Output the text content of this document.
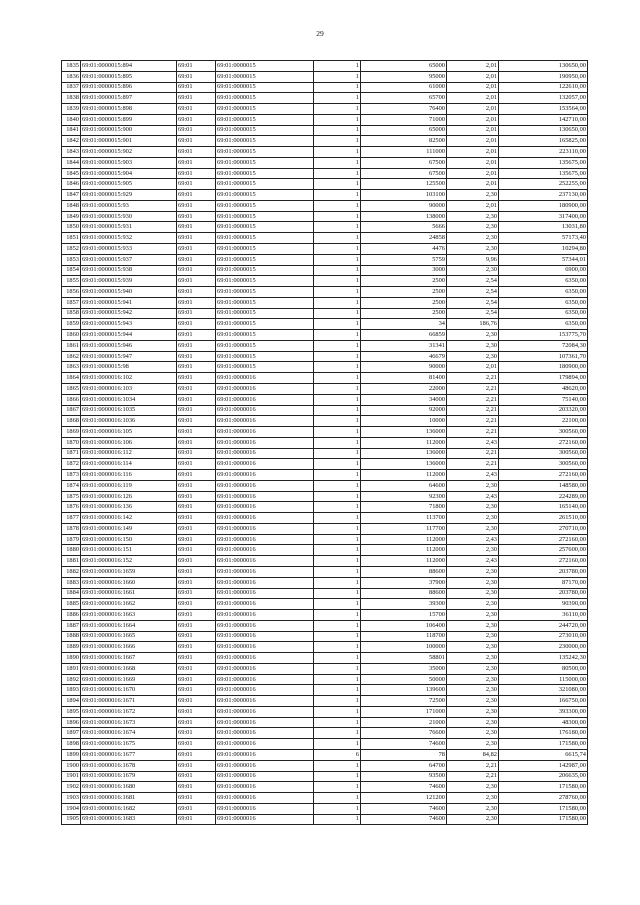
29
1835	69:01:0000015:894	69:01	69:01:0000015	1	65000	2,01	130650,00
1836	69:01:0000015:895	69:01	69:01:0000015	1	95000	2,01	190950,00
1837	69:01:0000015:896	69:01	69:01:0000015	1	61000	2,01	122610,00
1838	69:01:0000015:897	69:01	69:01:0000015	1	65700	2,01	132057,00
1839	69:01:0000015:898	69:01	69:01:0000015	1	76400	2,01	153564,00
1840	69:01:0000015:899	69:01	69:01:0000015	1	71000	2,01	142710,00
1841	69:01:0000015:900	69:01	69:01:0000015	1	65000	2,01	130650,00
1842	69:01:0000015:901	69:01	69:01:0000015	1	82500	2,01	165825,00
1843	69:01:0000015:902	69:01	69:01:0000015	1	111000	2,01	223110,00
1844	69:01:0000015:903	69:01	69:01:0000015	1	67500	2,01	135675,00
1845	69:01:0000015:904	69:01	69:01:0000015	1	67500	2,01	135675,00
1846	69:01:0000015:905	69:01	69:01:0000015	1	125500	2,01	252255,00
1847	69:01:0000015:929	69:01	69:01:0000015	1	103100	2,30	237130,00
1848	69:01:0000015:93	69:01	69:01:0000015	1	90000	2,01	180900,00
1849	69:01:0000015:930	69:01	69:01:0000015	1	138000	2,30	317400,00
1850	69:01:0000015:931	69:01	69:01:0000015	1	5666	2,30	13031,80
1851	69:01:0000015:932	69:01	69:01:0000015	1	24858	2,30	57173,40
1852	69:01:0000015:933	69:01	69:01:0000015	1	4476	2,30	10294,80
1853	69:01:0000015:937	69:01	69:01:0000015	1	5759	9,96	57344,01
1854	69:01:0000015:938	69:01	69:01:0000015	1	3000	2,30	6900,00
1855	69:01:0000015:939	69:01	69:01:0000015	1	2500	2,54	6350,00
1856	69:01:0000015:940	69:01	69:01:0000015	1	2500	2,54	6350,00
1857	69:01:0000015:941	69:01	69:01:0000015	1	2500	2,54	6350,00
1858	69:01:0000015:942	69:01	69:01:0000015	1	2500	2,54	6350,00
1859	69:01:0000015:943	69:01	69:01:0000015	1	34	186,76	6350,00
1860	69:01:0000015:944	69:01	69:01:0000015	1	66859	2,30	153775,70
1861	69:01:0000015:946	69:01	69:01:0000015	1	31341	2,30	72084,30
1862	69:01:0000015:947	69:01	69:01:0000015	1	46679	2,30	107361,70
1863	69:01:0000015:98	69:01	69:01:0000015	1	90000	2,01	180900,00
1864	69:01:0000016:102	69:01	69:01:0000016	1	81400	2,21	179894,00
1865	69:01:0000016:103	69:01	69:01:0000016	1	22000	2,21	48620,00
1866	69:01:0000016:1034	69:01	69:01:0000016	1	34000	2,21	75140,00
1867	69:01:0000016:1035	69:01	69:01:0000016	1	92000	2,21	203320,00
1868	69:01:0000016:1036	69:01	69:01:0000016	1	10000	2,21	22100,00
1869	69:01:0000016:105	69:01	69:01:0000016	1	136000	2,21	300560,00
1870	69:01:0000016:106	69:01	69:01:0000016	1	112000	2,43	272160,00
1871	69:01:0000016:112	69:01	69:01:0000016	1	136000	2,21	300560,00
1872	69:01:0000016:114	69:01	69:01:0000016	1	136000	2,21	300560,00
1873	69:01:0000016:116	69:01	69:01:0000016	1	112000	2,43	272160,00
1874	69:01:0000016:119	69:01	69:01:0000016	1	64600	2,30	148580,00
1875	69:01:0000016:126	69:01	69:01:0000016	1	92300	2,43	224289,00
1876	69:01:0000016:136	69:01	69:01:0000016	1	71800	2,30	165140,00
1877	69:01:0000016:142	69:01	69:01:0000016	1	113700	2,30	261510,00
1878	69:01:0000016:149	69:01	69:01:0000016	1	117700	2,30	270710,00
1879	69:01:0000016:150	69:01	69:01:0000016	1	112000	2,43	272160,00
1880	69:01:0000016:151	69:01	69:01:0000016	1	112000	2,30	257600,00
1881	69:01:0000016:152	69:01	69:01:0000016	1	112000	2,43	272160,00
1882	69:01:0000016:1659	69:01	69:01:0000016	1	88600	2,30	203780,00
1883	69:01:0000016:1660	69:01	69:01:0000016	1	37900	2,30	87170,00
1884	69:01:0000016:1661	69:01	69:01:0000016	1	88600	2,30	203780,00
1885	69:01:0000016:1662	69:01	69:01:0000016	1	39300	2,30	90390,00
1886	69:01:0000016:1663	69:01	69:01:0000016	1	15700	2,30	36110,00
1887	69:01:0000016:1664	69:01	69:01:0000016	1	106400	2,30	244720,00
1888	69:01:0000016:1665	69:01	69:01:0000016	1	118700	2,30	273010,00
1889	69:01:0000016:1666	69:01	69:01:0000016	1	100000	2,30	230000,00
1890	69:01:0000016:1667	69:01	69:01:0000016	1	58801	2,30	135242,30
1891	69:01:0000016:1668	69:01	69:01:0000016	1	35000	2,30	80500,00
1892	69:01:0000016:1669	69:01	69:01:0000016	1	50000	2,30	115000,00
1893	69:01:0000016:1670	69:01	69:01:0000016	1	139600	2,30	321080,00
1894	69:01:0000016:1671	69:01	69:01:0000016	1	72500	2,30	166750,00
1895	69:01:0000016:1672	69:01	69:01:0000016	1	171000	2,30	393300,00
1896	69:01:0000016:1673	69:01	69:01:0000016	1	21000	2,30	48300,00
1897	69:01:0000016:1674	69:01	69:01:0000016	1	76600	2,30	176180,00
1898	69:01:0000016:1675	69:01	69:01:0000016	1	74600	2,30	171580,00
1899	69:01:0000016:1677	69:01	69:01:0000016	6	78	84,82	6615,74
1900	69:01:0000016:1678	69:01	69:01:0000016	1	64700	2,21	142987,00
1901	69:01:0000016:1679	69:01	69:01:0000016	1	93500	2,21	206635,00
1902	69:01:0000016:1680	69:01	69:01:0000016	1	74600	2,30	171580,00
1903	69:01:0000016:1681	69:01	69:01:0000016	1	121200	2,30	278760,00
1904	69:01:0000016:1682	69:01	69:01:0000016	1	74600	2,30	171580,00
1905	69:01:0000016:1683	69:01	69:01:0000016	1	74600	2,30	171580,00
